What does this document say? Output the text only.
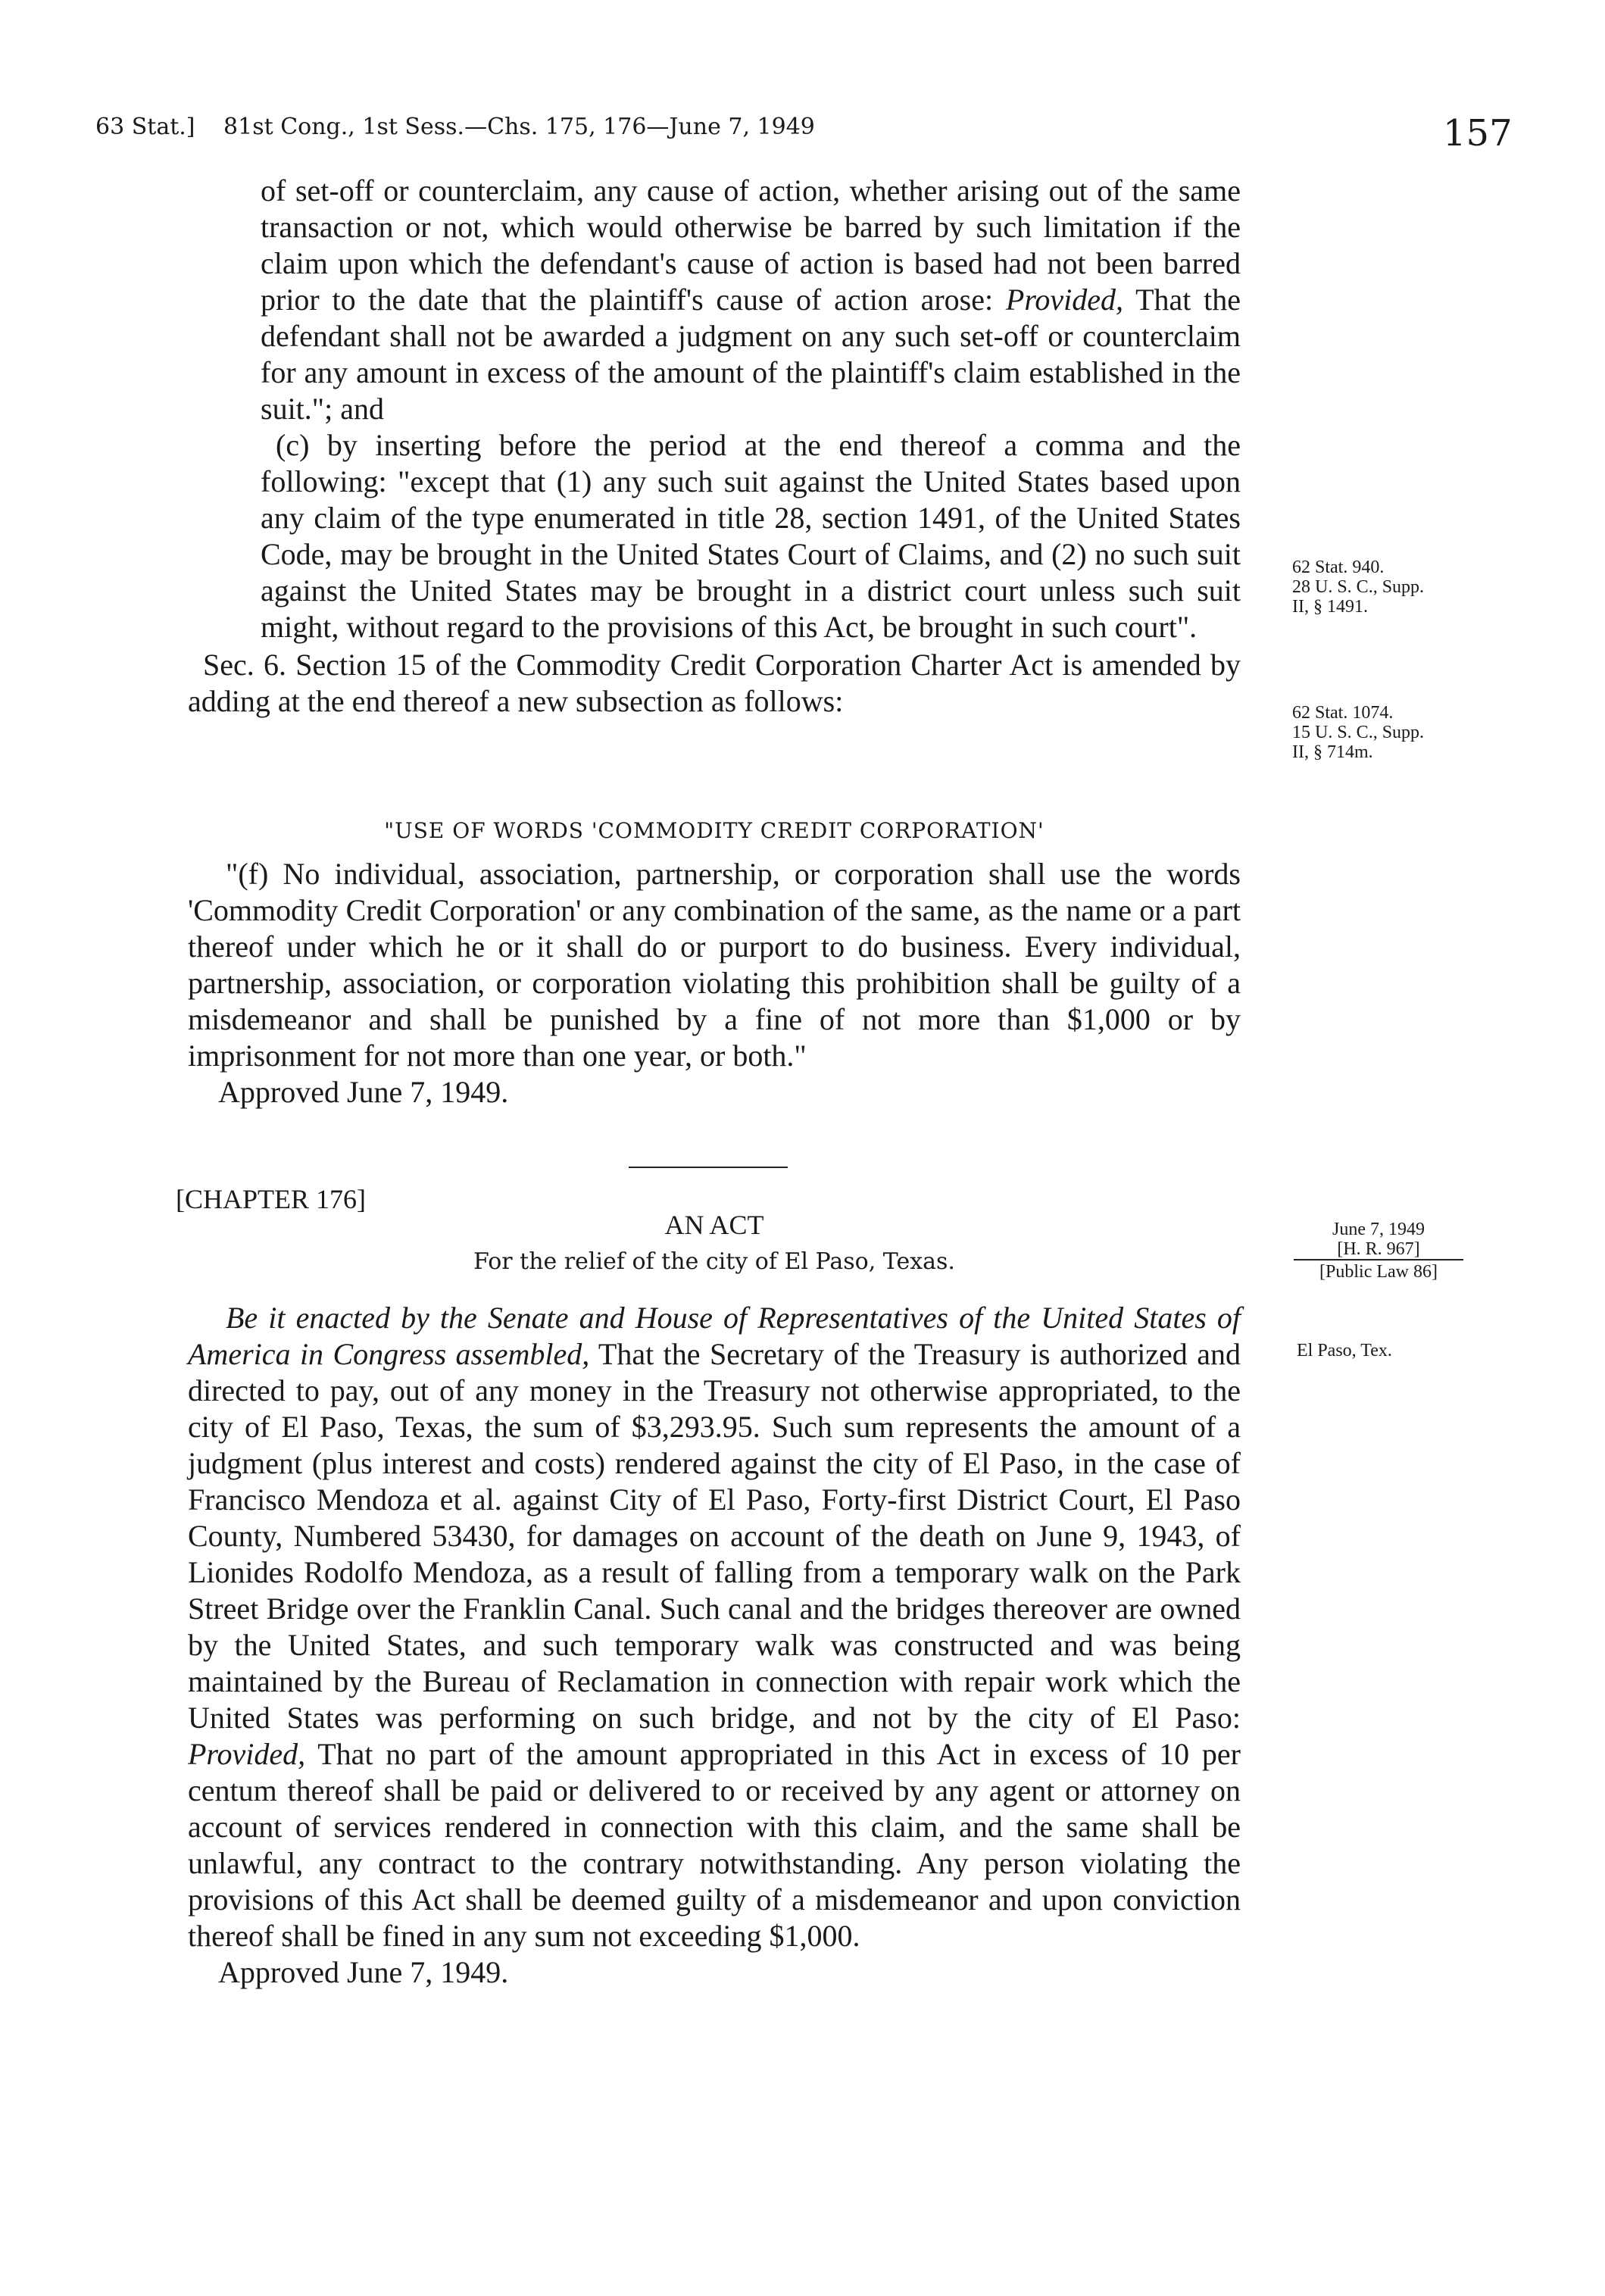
63 Stat.] 81st Cong., 1st Sess.—Chs. 175, 176—June 7, 1949	157

of set-off or counterclaim, any cause of action, whether arising out of the same transaction or not, which would otherwise be barred by such limitation if the claim upon which the defendant's cause of action is based had not been barred prior to the date that the plaintiff's cause of action arose: Provided, That the defendant shall not be awarded a judgment on any such set-off or counterclaim for any amount in excess of the amount of the plaintiff's claim established in the suit."; and

(c) by inserting before the period at the end thereof a comma and the following: "except that (1) any such suit against the United States based upon any claim of the type enumerated in title 28, section 1491, of the United States Code, may be brought in the United States Court of Claims, and (2) no such suit against the United States may be brought in a district court unless such suit might, without regard to the provisions of this Act, be brought in such court".

Sec. 6. Section 15 of the Commodity Credit Corporation Charter Act is amended by adding at the end thereof a new subsection as follows:

62 Stat. 940.
28 U. S. C., Supp.
II, § 1491.
62 Stat. 1074.
15 U. S. C., Supp.
II, § 714m.
"USE OF WORDS 'COMMODITY CREDIT CORPORATION'

"(f) No individual, association, partnership, or corporation shall use the words 'Commodity Credit Corporation' or any combination of the same, as the name or a part thereof under which he or it shall do or purport to do business. Every individual, partnership, association, or corporation violating this prohibition shall be guilty of a misdemeanor and shall be punished by a fine of not more than $1,000 or by imprisonment for not more than one year, or both."

Approved June 7, 1949.

[CHAPTER 176]
AN ACT
For the relief of the city of El Paso, Texas.
June 7, 1949
[H. R. 967]
[Public Law 86]
El Paso, Tex.

Be it enacted by the Senate and House of Representatives of the United States of America in Congress assembled, That the Secretary of the Treasury is authorized and directed to pay, out of any money in the Treasury not otherwise appropriated, to the city of El Paso, Texas, the sum of $3,293.95. Such sum represents the amount of a judgment (plus interest and costs) rendered against the city of El Paso, in the case of Francisco Mendoza et al. against City of El Paso, Forty-first District Court, El Paso County, Numbered 53430, for damages on account of the death on June 9, 1943, of Lionides Rodolfo Mendoza, as a result of falling from a temporary walk on the Park Street Bridge over the Franklin Canal. Such canal and the bridges thereover are owned by the United States, and such temporary walk was constructed and was being maintained by the Bureau of Reclamation in connection with repair work which the United States was performing on such bridge, and not by the city of El Paso: Provided, That no part of the amount appropriated in this Act in excess of 10 per centum thereof shall be paid or delivered to or received by any agent or attorney on account of services rendered in connection with this claim, and the same shall be unlawful, any contract to the contrary notwithstanding. Any person violating the provisions of this Act shall be deemed guilty of a misdemeanor and upon conviction thereof shall be fined in any sum not exceeding $1,000.

Approved June 7, 1949.
